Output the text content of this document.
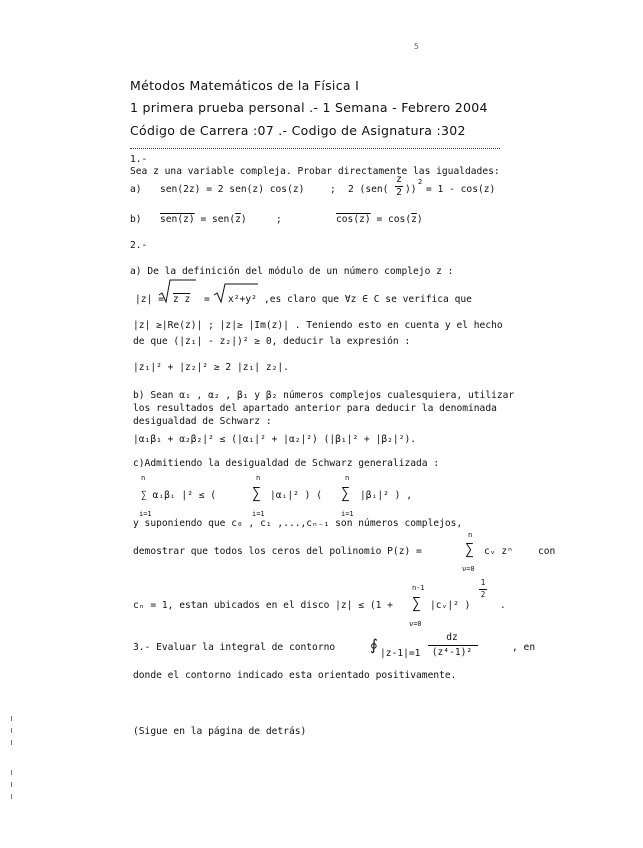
5
Métodos Matemáticos de la Física I
1 primera prueba personal .- 1 Semana - Febrero 2004
Código de Carrera :07 .- Codigo de Asignatura :302
1.-
Sea z una variable compleja. Probar directamente las igualdades:
a) sen(2z) = 2 sen(z) cos(z)	; 2 (sen(
z
2 ))
2
= 1 - cos(z)
b) $sen(z) = sen(\overline{z})$	;	$\cos(z) = \cos(\overline{z})$
2.-
a) De la definición del módulo de un número complejo z :
|z| = z z = x²+y² ,es claro que ∀z ∈ C se verifica que
|z| ≥|Re(z)| ; |z|≥ |Im(z)| . Teniendo esto en cuenta y el hecho
de que (|z₁| - z₂|)² ≥ 0, deducir la expresión :
|z₁|² + |z₂|² ≥ 2 |z₁| z₂|.
b) Sean α₁ , α₂ , β₁ y β₂ números complejos cualesquiera, utilizar
los resultados del apartado anterior para deducir la denominada
desigualdad de Schwarz :
|α₁β₁ + α₂β₂|² ≤ (|α₁|² + |α₂|²) (|β₁|² + |β₂|²).
c)Admitiendo la desigualdad de Schwarz generalizada :
n
∑ αᵢβᵢ |² ≤ (
i=1
n
∑
i=1
|αᵢ|² ) (
n
∑
i=1
|βᵢ|² ) ,
y suponiendo que c₀ , c₁ ,...,cₙ₋₁ son números complejos,
n
demostrar que todos los ceros del polinomio P(z) =	∑
ν=0
cᵥ zⁿ	con
n-1
cₙ = 1, estan ubicados en el disco |z| ≤ (1 + ∑
ν=0
|cᵥ|² )
1
2
.
3.- Evaluar la integral de contorno ∮ |z-1|=1
dz
(z⁴-1)²	, en
donde el contorno indicado esta orientado positivamente.
(Sigue en la página de detrás)
